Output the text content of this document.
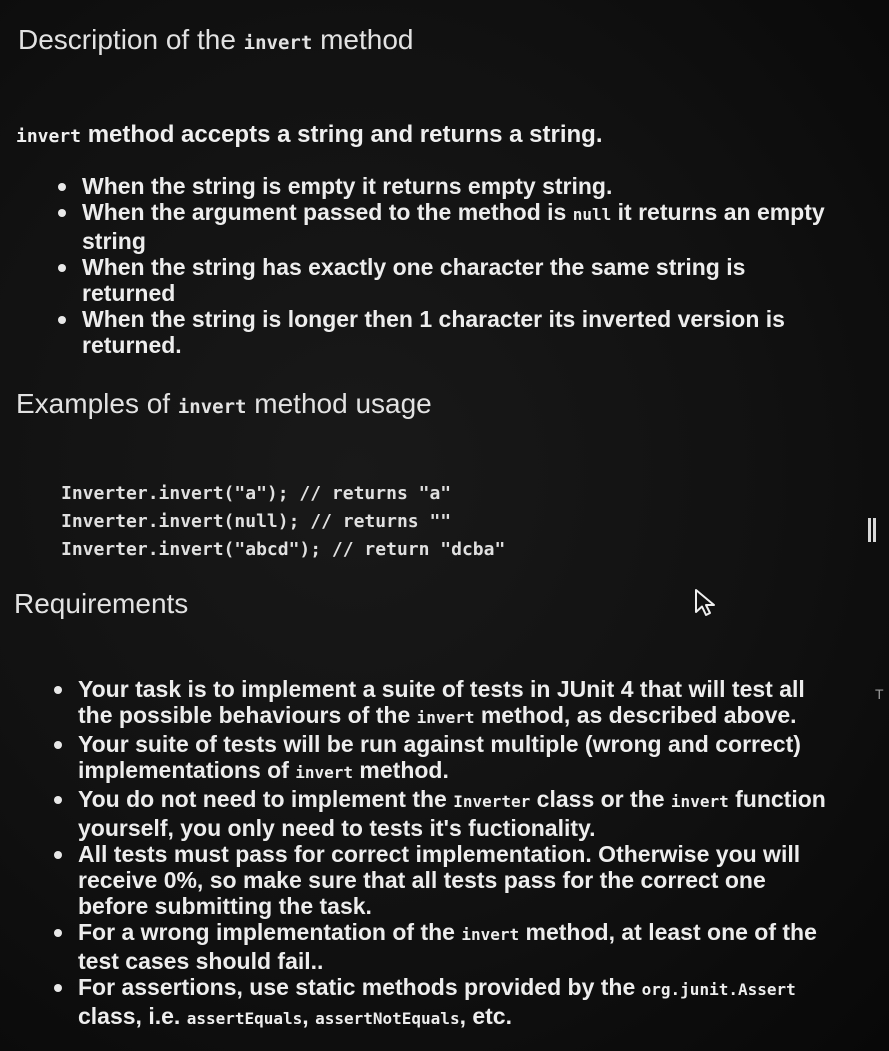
Description of the invert method

invert method accepts a string and returns a string.

When the string is empty it returns empty string.
When the argument passed to the method is null it returns an empty string
When the string has exactly one character the same string is returned
When the string is longer then 1 character its inverted version is returned.
Examples of invert method usage
Inverter.invert("a"); // returns "a"
Inverter.invert(null); // returns ""
Inverter.invert("abcd"); // return "dcba"
Requirements
Your task is to implement a suite of tests in JUnit 4 that will test all the possible behaviours of the invert method, as described above.
Your suite of tests will be run against multiple (wrong and correct) implementations of invert method.
You do not need to implement the Inverter class or the invert function yourself, you only need to tests it's fuctionality.
All tests must pass for correct implementation. Otherwise you will receive 0%, so make sure that all tests pass for the correct one before submitting the task.
For a wrong implementation of the invert method, at least one of the test cases should fail..
For assertions, use static methods provided by the org.junit.Assert class, i.e. assertEquals, assertNotEquals, etc.
T
